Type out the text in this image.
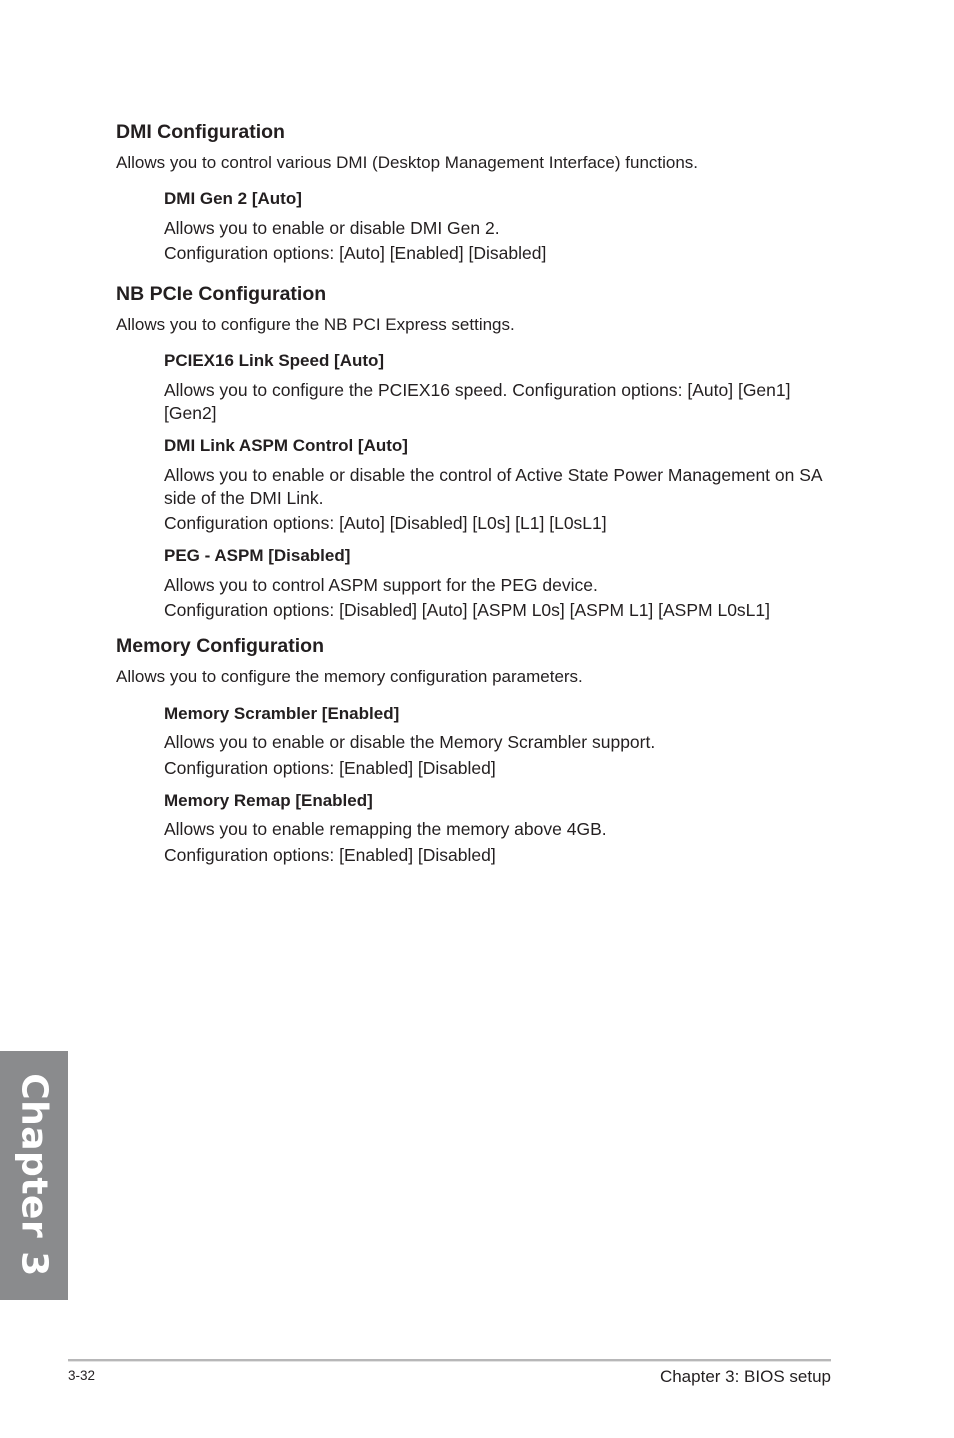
DMI Configuration
Allows you to control various DMI (Desktop Management Interface) functions.
DMI Gen 2 [Auto]
Allows you to enable or disable DMI Gen 2.
Configuration options: [Auto] [Enabled] [Disabled]
NB PCIe Configuration
Allows you to configure the NB PCI Express settings.
PCIEX16 Link Speed [Auto]
Allows you to configure the PCIEX16 speed. Configuration options: [Auto] [Gen1]
[Gen2]
DMI Link ASPM Control [Auto]
Allows you to enable or disable the control of Active State Power Management on SA
side of the DMI Link.
Configuration options: [Auto] [Disabled] [L0s] [L1] [L0sL1]
PEG - ASPM [Disabled]
Allows you to control ASPM support for the PEG device.
Configuration options: [Disabled] [Auto] [ASPM L0s] [ASPM L1] [ASPM L0sL1]
Memory Configuration
Allows you to configure the memory configuration parameters.
Memory Scrambler [Enabled]
Allows you to enable or disable the Memory Scrambler support.
Configuration options: [Enabled] [Disabled]
Memory Remap [Enabled]
Allows you to enable remapping the memory above 4GB.
Configuration options: [Enabled] [Disabled]
Chapter 3
3-32	Chapter 3: BIOS setup
